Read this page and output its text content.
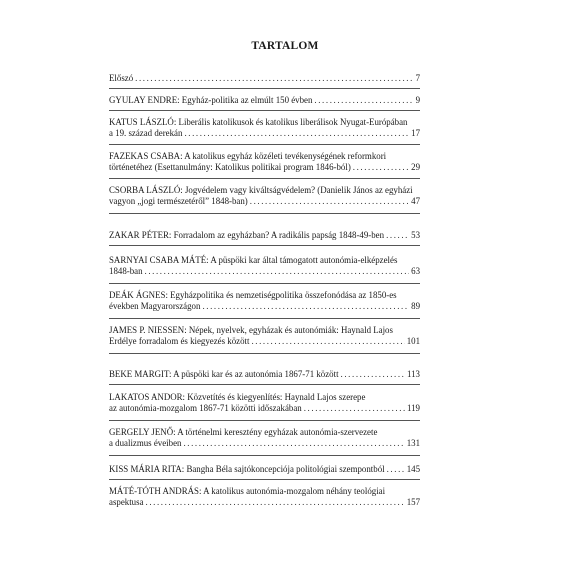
TARTALOM
Előszó .....	7
GYULAY ENDRE: Egyház-politika az elmúlt 150 évben .....	9
KATUS LÁSZLÓ: Liberális katolikusok és katolikus liberálisok Nyugat-Európában
a 19. század derekán .....	17
FAZEKAS CSABA: A katolikus egyház közéleti tevékenységének reformkori
történetéhez (Esettanulmány: Katolikus politikai program 1846-ból) .....	29
CSORBA LÁSZLÓ: Jogvédelem vagy kiváltságvédelem? (Danielik János az egyházi
vagyon „jogi természetéről” 1848-ban) .....	47
ZAKAR PÉTER: Forradalom az egyházban? A radikális papság 1848-49-ben .....	53
SARNYAI CSABA MÁTÉ: A püspöki kar által támogatott autonómia-elképzelés
1848-ban .....	63
DEÁK ÁGNES: Egyházpolitika és nemzetiségpolitika összefonódása az 1850-es
években Magyarországon .....	89
JAMES P. NIESSEN: Népek, nyelvek, egyházak és autonómiák: Haynald Lajos
Erdélye forradalom és kiegyezés között .....	101
BEKE MARGIT: A püspöki kar és az autonómia 1867-71 között .....	113
LAKATOS ANDOR: Közvetítés és kiegyenlítés: Haynald Lajos szerepe
az autonómia-mozgalom 1867-71 közötti időszakában .....	119
GERGELY JENŐ: A történelmi keresztény egyházak autonómia-szervezete
a dualizmus éveiben .....	131
KISS MÁRIA RITA: Bangha Béla sajtókoncepciója politológiai szempontból ..... 145
MÁTÉ-TÓTH ANDRÁS: A katolikus autonómia-mozgalom néhány teológiai
aspektusa .....	157
